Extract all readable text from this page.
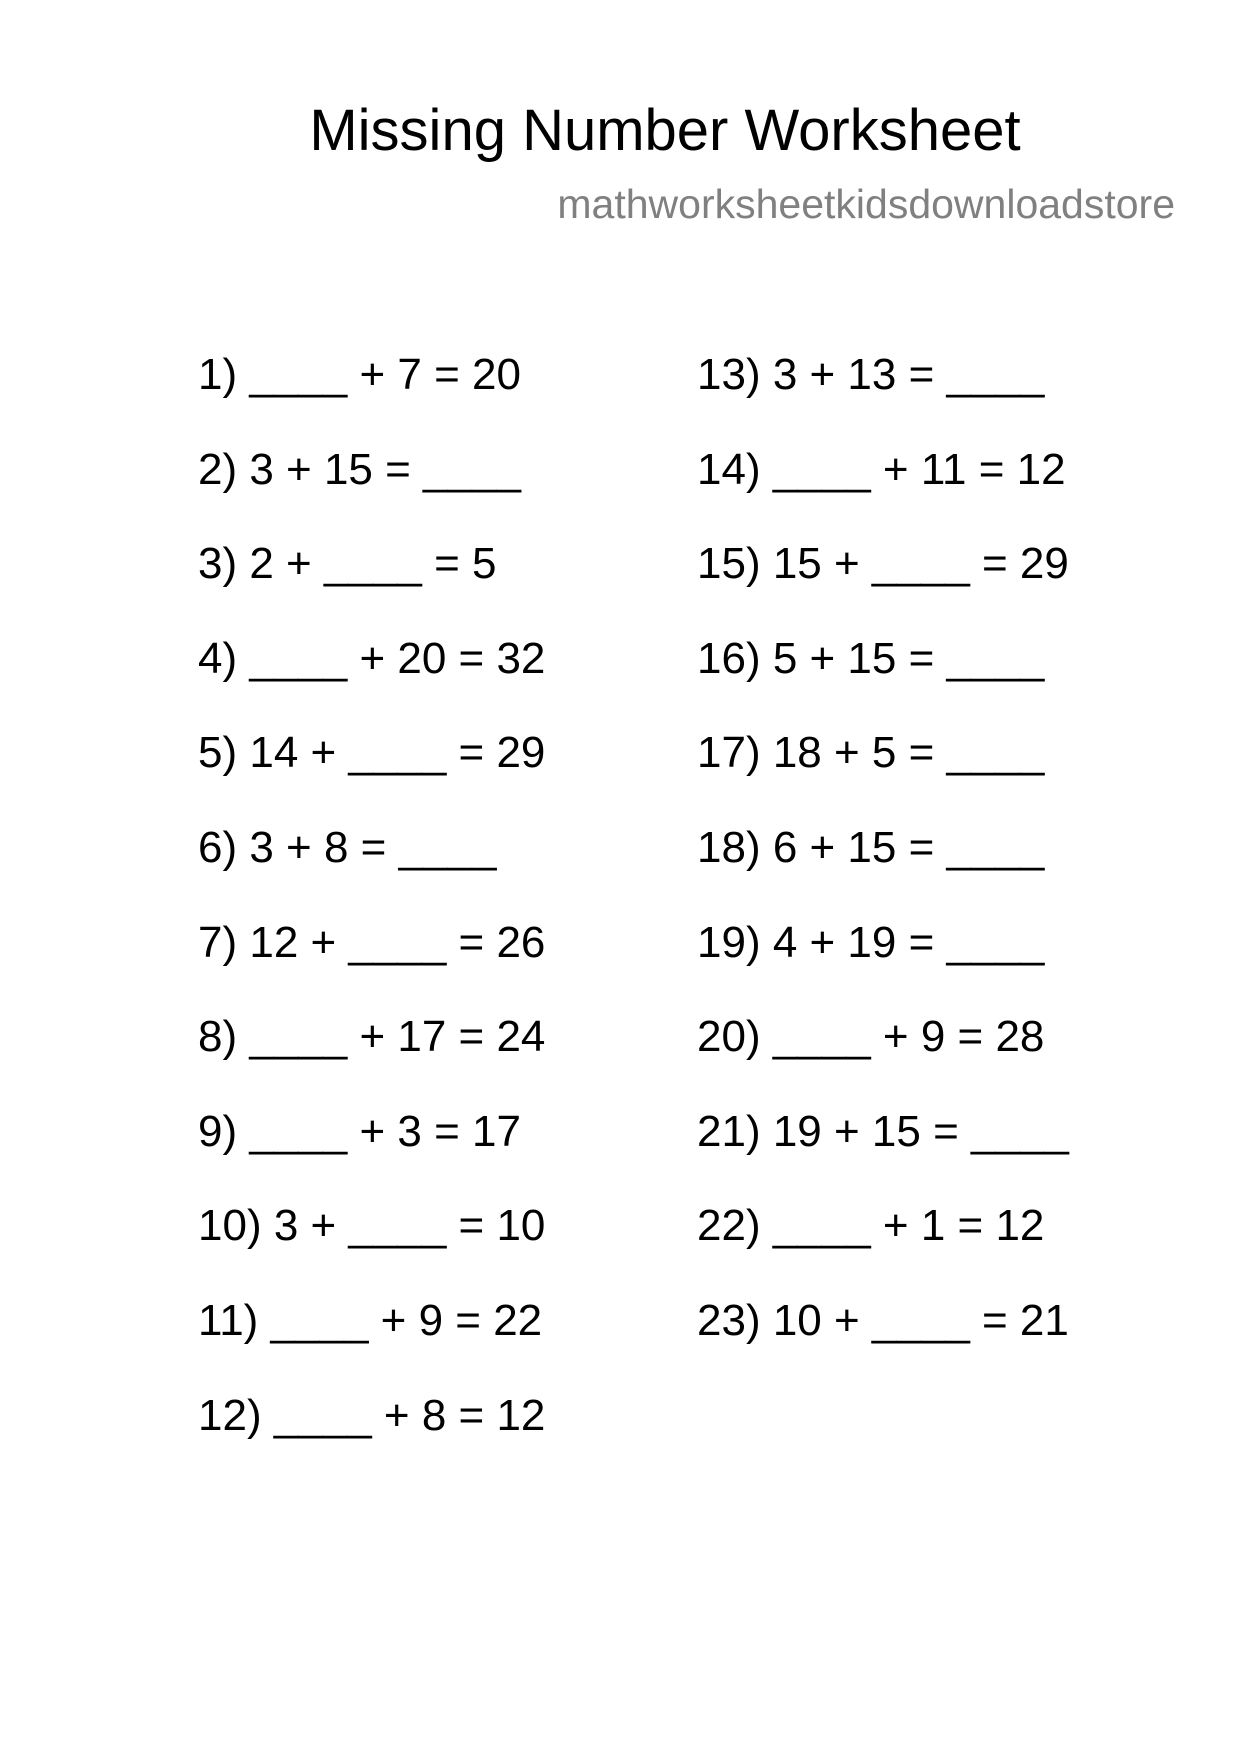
Missing Number Worksheet
mathworksheetkidsdownloadstore
1) ____ + 7 = 20
2) 3 + 15 = ____
3) 2 + ____ = 5
4) ____ + 20 = 32
5) 14 + ____ = 29
6) 3 + 8 = ____
7) 12 + ____ = 26
8) ____ + 17 = 24
9) ____ + 3 = 17
10) 3 + ____ = 10
11) ____ + 9 = 22
12) ____ + 8 = 12
13) 3 + 13 = ____
14) ____ + 11 = 12
15) 15 + ____ = 29
16) 5 + 15 = ____
17) 18 + 5 = ____
18) 6 + 15 = ____
19) 4 + 19 = ____
20) ____ + 9 = 28
21) 19 + 15 = ____
22) ____ + 1 = 12
23) 10 + ____ = 21
